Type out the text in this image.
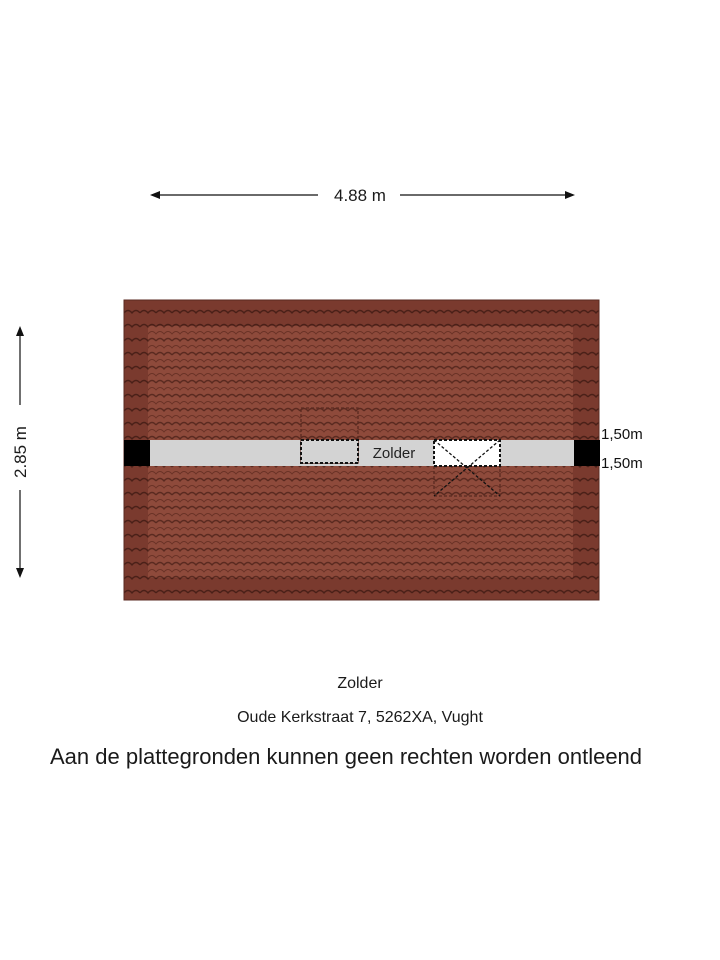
4.88 m
2.85 m	Zolder
1,50m
1,50m
Zolder
Oude Kerkstraat 7, 5262XA, Vught
Aan de plattegronden kunnen geen rechten worden ontleend
